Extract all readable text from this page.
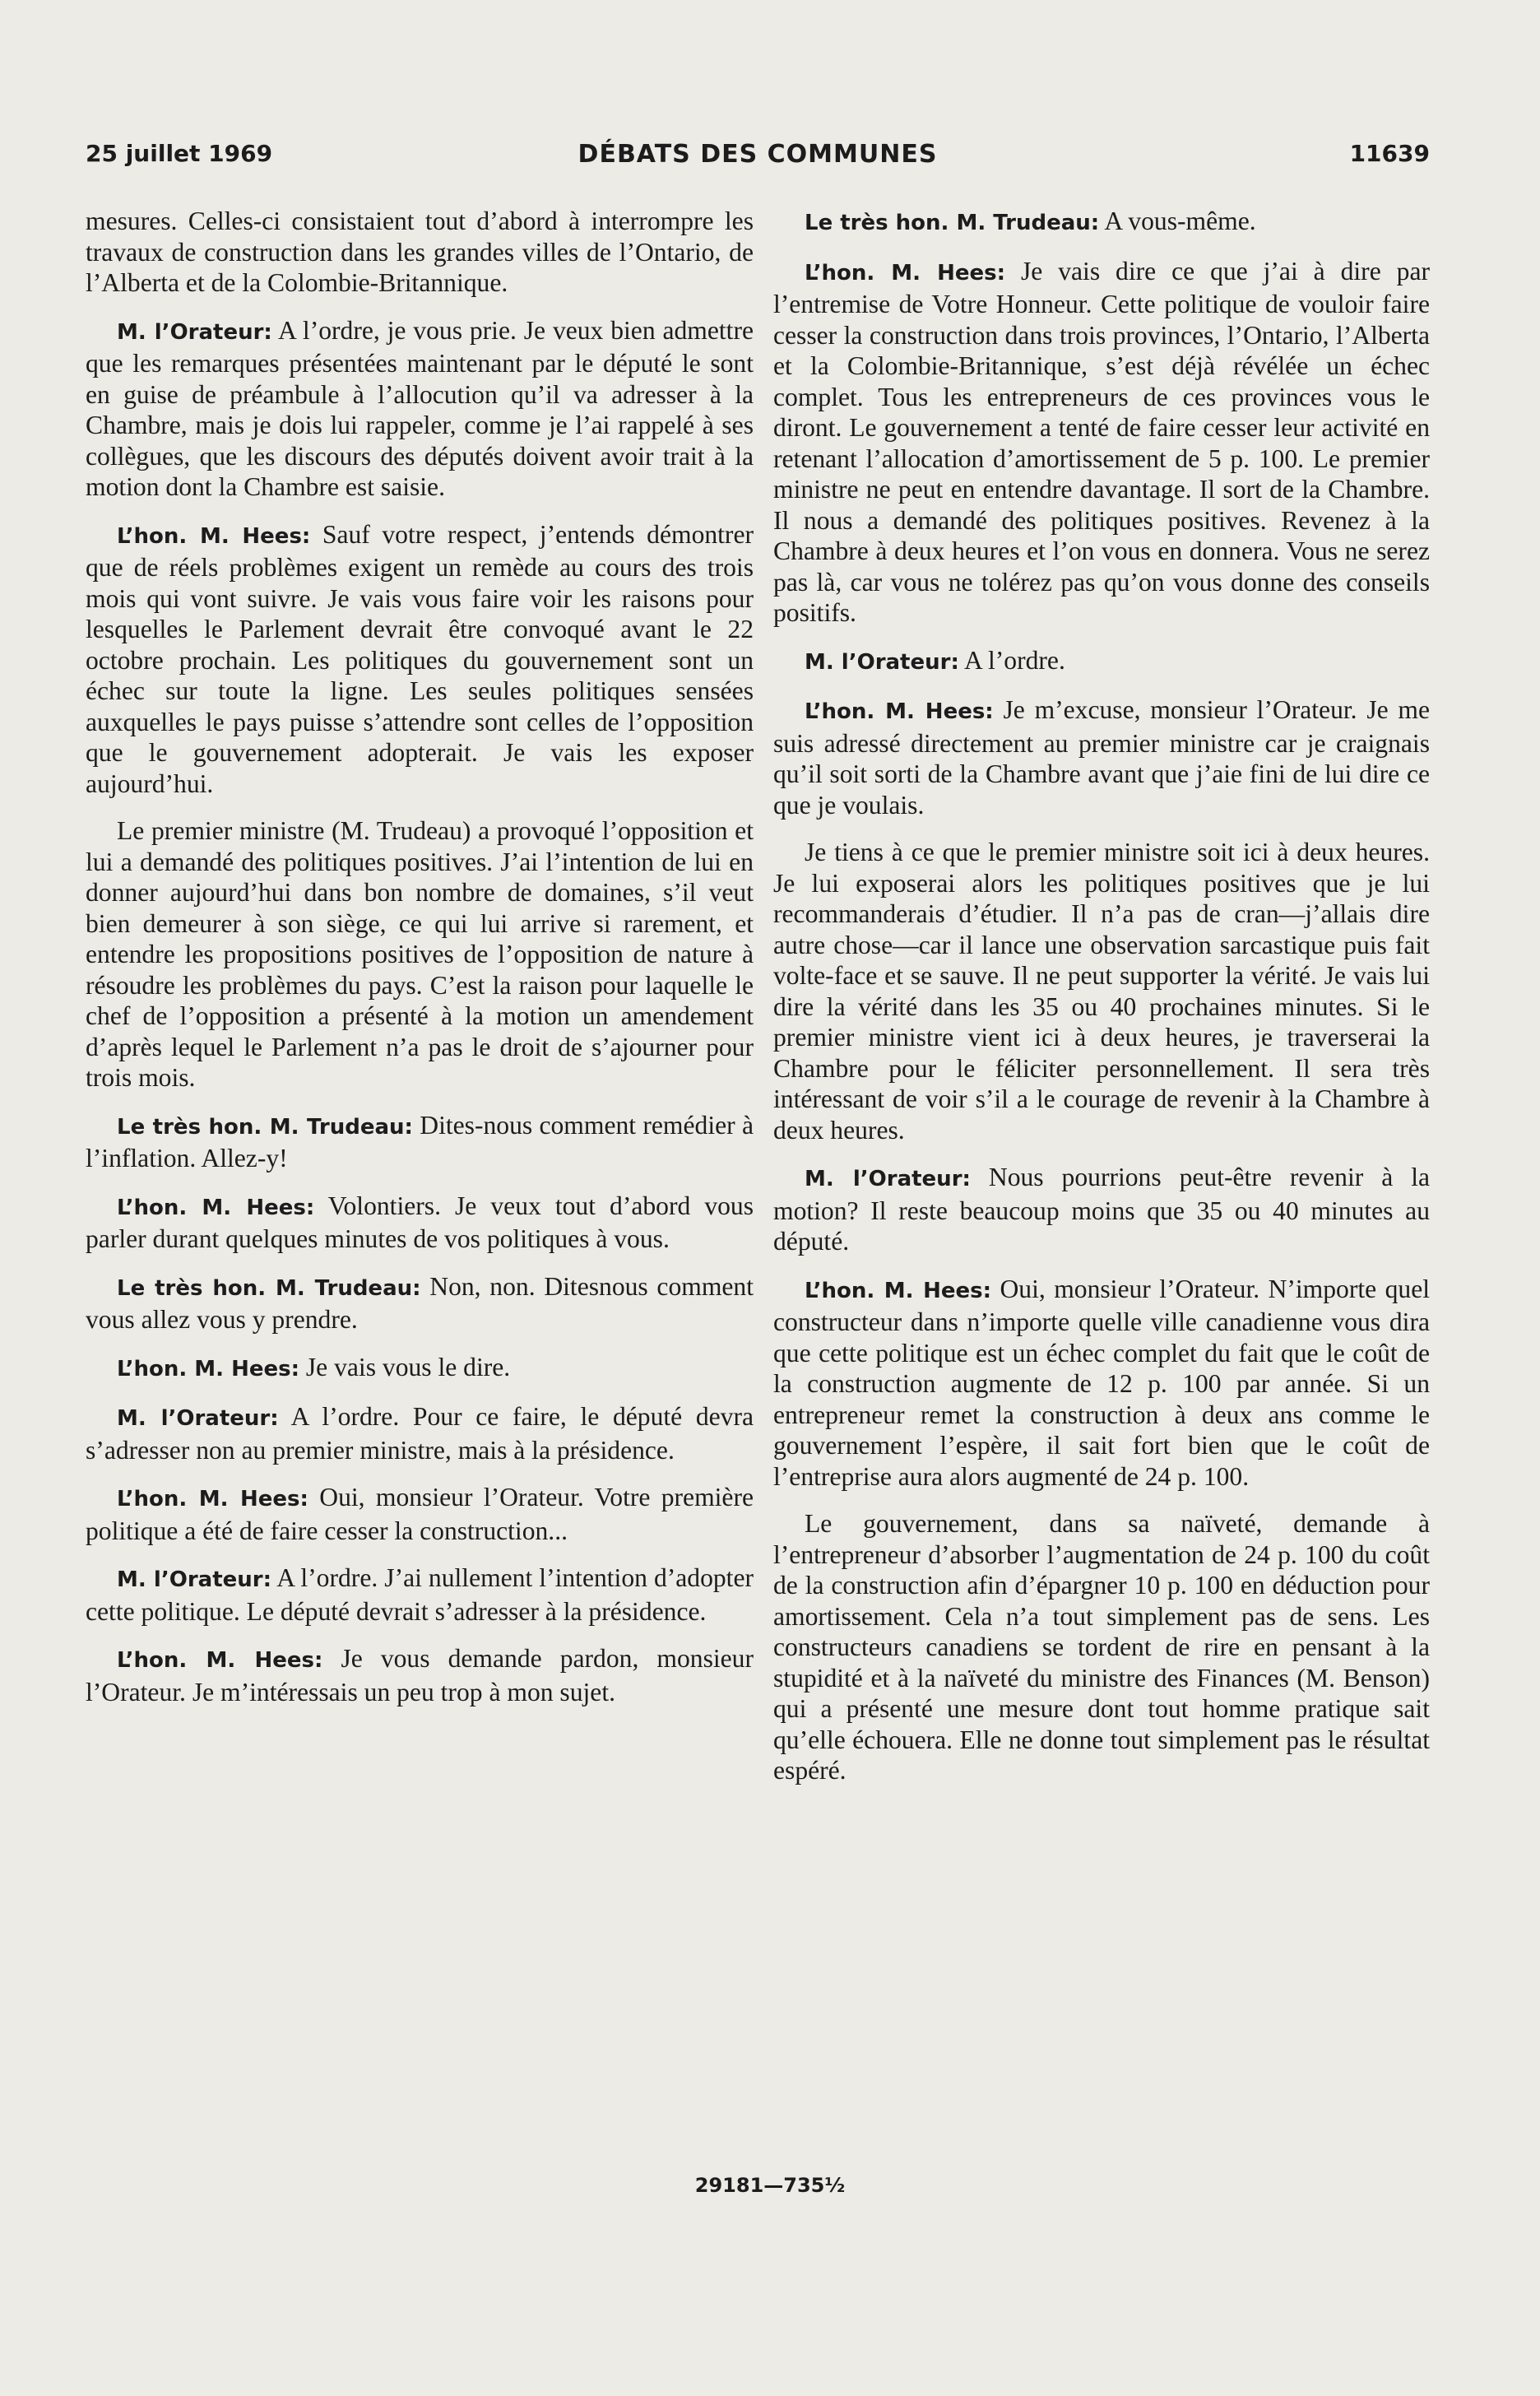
25 juillet 1969	DÉBATS DES COMMUNES	11639

mesures. Celles-ci consistaient tout d’abord à interrompre les travaux de construction dans les grandes villes de l’Ontario, de l’Alberta et de la Colombie-Britannique.

M. l’Orateur: A l’ordre, je vous prie. Je veux bien admettre que les remarques présentées maintenant par le député le sont en guise de préambule à l’allocution qu’il va adresser à la Chambre, mais je dois lui rappeler, comme je l’ai rappelé à ses collègues, que les discours des députés doivent avoir trait à la motion dont la Chambre est saisie.

L’hon. M. Hees: Sauf votre respect, j’entends démontrer que de réels problèmes exigent un remède au cours des trois mois qui vont suivre. Je vais vous faire voir les raisons pour lesquelles le Parlement devrait être convoqué avant le 22 octobre prochain. Les politiques du gouvernement sont un échec sur toute la ligne. Les seules politiques sensées auxquelles le pays puisse s’attendre sont celles de l’opposition que le gouvernement adopterait. Je vais les exposer aujourd’hui.

Le premier ministre (M. Trudeau) a provoqué l’opposition et lui a demandé des politiques positives. J’ai l’intention de lui en donner aujourd’hui dans bon nombre de domaines, s’il veut bien demeurer à son siège, ce qui lui arrive si rarement, et entendre les propositions positives de l’opposition de nature à résoudre les problèmes du pays. C’est la raison pour laquelle le chef de l’opposition a présenté à la motion un amendement d’après lequel le Parlement n’a pas le droit de s’ajourner pour trois mois.

Le très hon. M. Trudeau: Dites-nous comment remédier à l’inflation. Allez-y!

L’hon. M. Hees: Volontiers. Je veux tout d’abord vous parler durant quelques minutes de vos politiques à vous.

Le très hon. M. Trudeau: Non, non. Ditesnous comment vous allez vous y prendre.

L’hon. M. Hees: Je vais vous le dire.

M. l’Orateur: A l’ordre. Pour ce faire, le député devra s’adresser non au premier ministre, mais à la présidence.

L’hon. M. Hees: Oui, monsieur l’Orateur. Votre première politique a été de faire cesser la construction...

M. l’Orateur: A l’ordre. J’ai nullement l’intention d’adopter cette politique. Le député devrait s’adresser à la présidence.

L’hon. M. Hees: Je vous demande pardon, monsieur l’Orateur. Je m’intéressais un peu trop à mon sujet.

Le très hon. M. Trudeau: A vous-même.

L’hon. M. Hees: Je vais dire ce que j’ai à dire par l’entremise de Votre Honneur. Cette politique de vouloir faire cesser la construction dans trois provinces, l’Ontario, l’Alberta et la Colombie-Britannique, s’est déjà révélée un échec complet. Tous les entrepreneurs de ces provinces vous le diront. Le gouvernement a tenté de faire cesser leur activité en retenant l’allocation d’amortissement de 5 p. 100. Le premier ministre ne peut en entendre davantage. Il sort de la Chambre. Il nous a demandé des politiques positives. Revenez à la Chambre à deux heures et l’on vous en donnera. Vous ne serez pas là, car vous ne tolérez pas qu’on vous donne des conseils positifs.

M. l’Orateur: A l’ordre.

L’hon. M. Hees: Je m’excuse, monsieur l’Orateur. Je me suis adressé directement au premier ministre car je craignais qu’il soit sorti de la Chambre avant que j’aie fini de lui dire ce que je voulais.

Je tiens à ce que le premier ministre soit ici à deux heures. Je lui exposerai alors les politiques positives que je lui recommanderais d’étudier. Il n’a pas de cran—j’allais dire autre chose—car il lance une observation sarcastique puis fait volte-face et se sauve. Il ne peut supporter la vérité. Je vais lui dire la vérité dans les 35 ou 40 prochaines minutes. Si le premier ministre vient ici à deux heures, je traverserai la Chambre pour le féliciter personnellement. Il sera très intéressant de voir s’il a le courage de revenir à la Chambre à deux heures.

M. l’Orateur: Nous pourrions peut-être revenir à la motion? Il reste beaucoup moins que 35 ou 40 minutes au député.

L’hon. M. Hees: Oui, monsieur l’Orateur. N’importe quel constructeur dans n’importe quelle ville canadienne vous dira que cette politique est un échec complet du fait que le coût de la construction augmente de 12 p. 100 par année. Si un entrepreneur remet la construction à deux ans comme le gouvernement l’espère, il sait fort bien que le coût de l’entreprise aura alors augmenté de 24 p. 100.

Le gouvernement, dans sa naïveté, demande à l’entrepreneur d’absorber l’augmentation de 24 p. 100 du coût de la construction afin d’épargner 10 p. 100 en déduction pour amortissement. Cela n’a tout simplement pas de sens. Les constructeurs canadiens se tordent de rire en pensant à la stupidité et à la naïveté du ministre des Finances (M. Benson) qui a présenté une mesure dont tout homme pratique sait qu’elle échouera. Elle ne donne tout simplement pas le résultat espéré.

29181—735½
